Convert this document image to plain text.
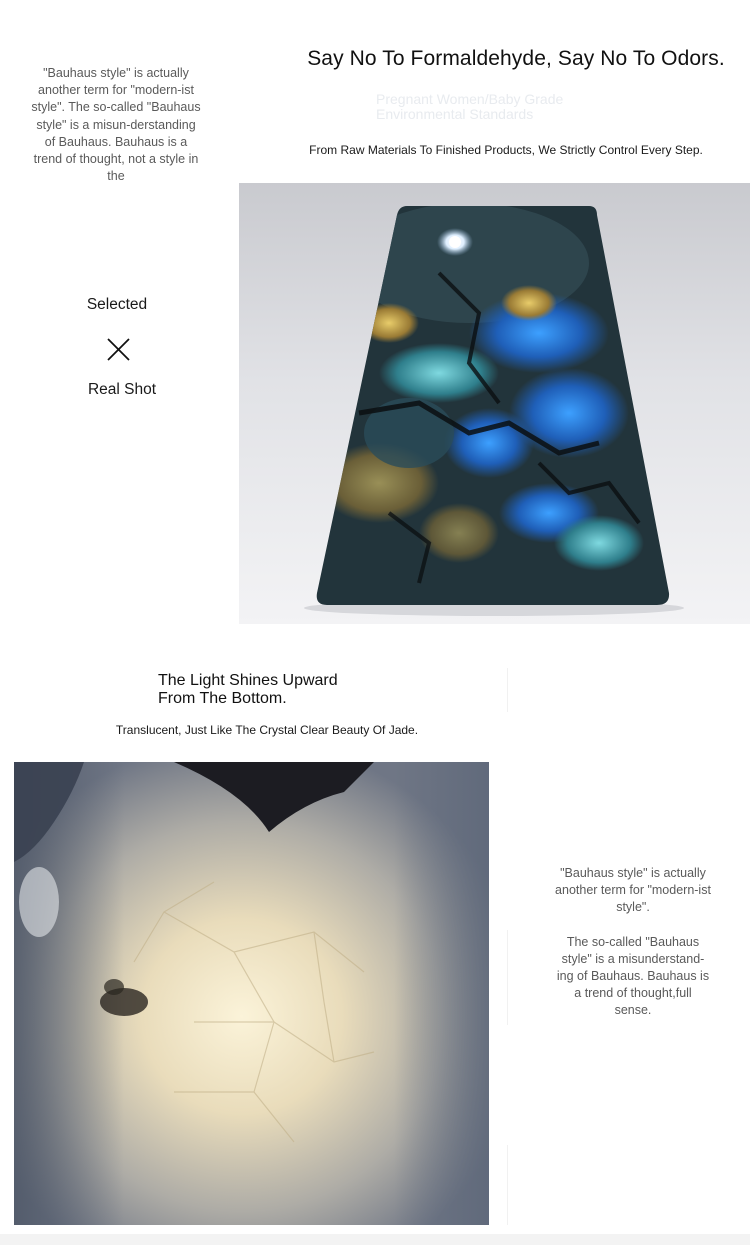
"Bauhaus style" is actually another term for "modern-ist style". The so-called "Bauhaus style" is a misun-derstanding of Bauhaus. Bauhaus is a trend of thought, not a style in the
Say No To Formaldehyde, Say No To Odors.
Pregnant Women/Baby Grade
Environmental Standards
From Raw Materials To Finished Products, We Strictly Control Every Step.
Selected
Real Shot
The Light Shines Upward
From The Bottom.
Translucent, Just Like The Crystal Clear Beauty Of Jade.

"Bauhaus style" is actually another term for "modern-ist style".

The so-called "Bauhaus style" is a misunderstand-ing of Bauhaus. Bauhaus is a trend of thought,full sense.
